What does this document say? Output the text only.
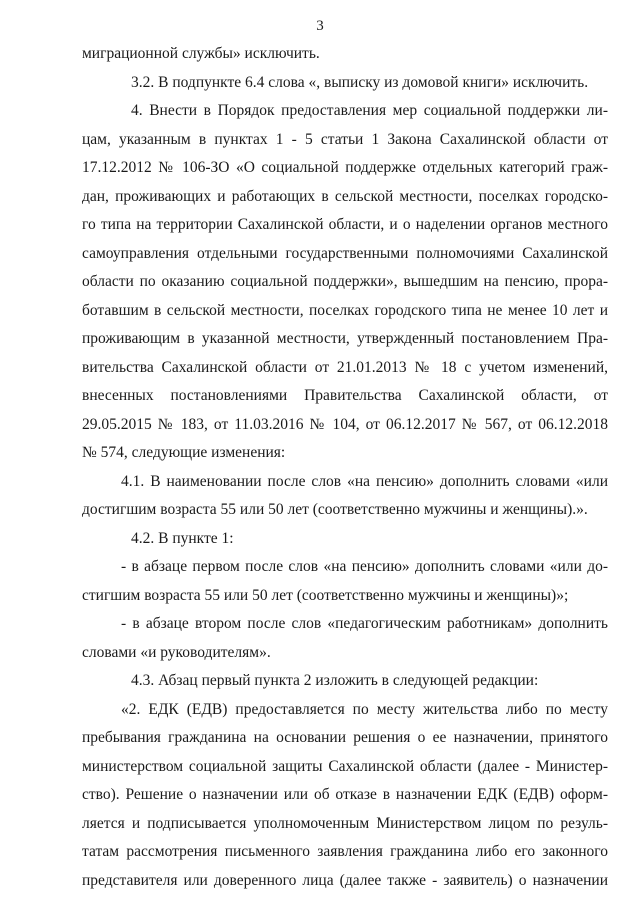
3
миграционной службы» исключить.
3.2. В подпункте 6.4 слова «, выписку из домовой книги» исключить.
4. Внести в Порядок предоставления мер социальной поддержки ли-
цам, указанным в пунктах 1 - 5 статьи 1 Закона Сахалинской области от
17.12.2012 № 106-ЗО «О социальной поддержке отдельных категорий граж-
дан, проживающих и работающих в сельской местности, поселках городско-
го типа на территории Сахалинской области, и о наделении органов местного
самоуправления отдельными государственными полномочиями Сахалинской
области по оказанию социальной поддержки», вышедшим на пенсию, прора-
ботавшим в сельской местности, поселках городского типа не менее 10 лет и
проживающим в указанной местности, утвержденный постановлением Пра-
вительства Сахалинской области от 21.01.2013 № 18 с учетом изменений,
внесенных постановлениями Правительства Сахалинской области, от
29.05.2015 № 183, от 11.03.2016 № 104, от 06.12.2017 № 567, от 06.12.2018
№ 574, следующие изменения:
4.1. В наименовании после слов «на пенсию» дополнить словами «или
достигшим возраста 55 или 50 лет (соответственно мужчины и женщины).».
4.2. В пункте 1:
- в абзаце первом после слов «на пенсию» дополнить словами «или до-
стигшим возраста 55 или 50 лет (соответственно мужчины и женщины)»;
- в абзаце втором после слов «педагогическим работникам» дополнить
словами «и руководителям».
4.3. Абзац первый пункта 2 изложить в следующей редакции:
«2. ЕДК (ЕДВ) предоставляется по месту жительства либо по месту
пребывания гражданина на основании решения о ее назначении, принятого
министерством социальной защиты Сахалинской области (далее - Министер-
ство). Решение о назначении или об отказе в назначении ЕДК (ЕДВ) оформ-
ляется и подписывается уполномоченным Министерством лицом по резуль-
татам рассмотрения письменного заявления гражданина либо его законного
представителя или доверенного лица (далее также - заявитель) о назначении
